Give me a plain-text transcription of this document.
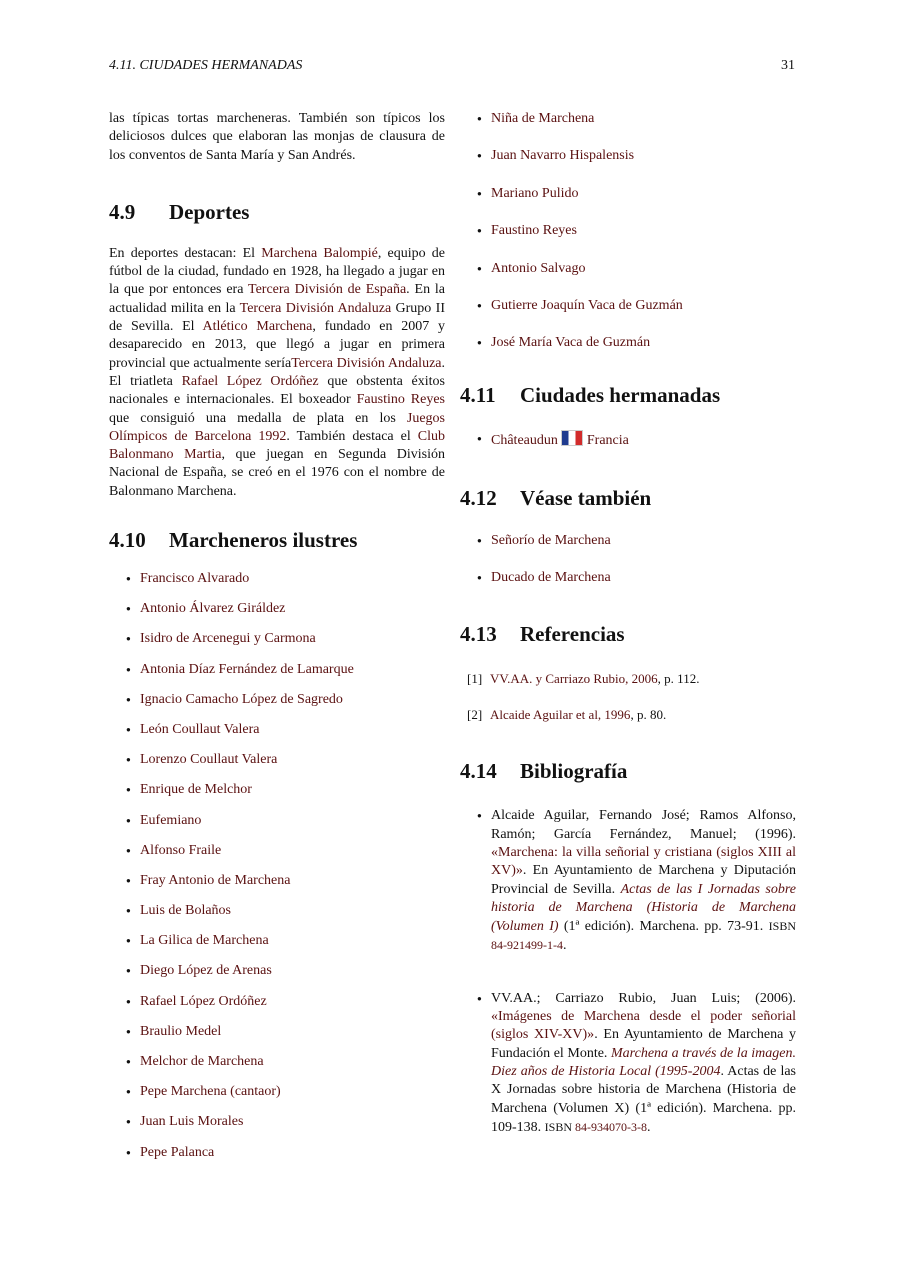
4.11. CIUDADES HERMANADAS	31

las típicas tortas marcheneras. También son típicos los deliciosos dulces que elaboran las monjas de clausura de los conventos de Santa María y San Andrés.

4.9 Deportes

En deportes destacan: El Marchena Balompié, equipo de fútbol de la ciudad, fundado en 1928, ha llegado a jugar en la que por entonces era Tercera División de España. En la actualidad milita en la Tercera División Andaluza Grupo II de Sevilla. El Atlético Marchena, fundado en 2007 y desaparecido en 2013, que llegó a jugar en primera provincial que actualmente seríaTercera División Andaluza. El triatleta Rafael López Ordóñez que obstenta éxitos nacionales e internacionales. El boxeador Faustino Reyes que consiguió una medalla de plata en los Juegos Olímpicos de Barcelona 1992. También destaca el Club Balonmano Martia, que juegan en Segunda División Nacional de España, se creó en el 1976 con el nombre de Balonmano Marchena.

4.10 Marcheneros ilustres
● Francisco Alvarado
● Antonio Álvarez Giráldez
● Isidro de Arcenegui y Carmona
● Antonia Díaz Fernández de Lamarque
● Ignacio Camacho López de Sagredo
● León Coullaut Valera
● Lorenzo Coullaut Valera
● Enrique de Melchor
● Eufemiano
● Alfonso Fraile
● Fray Antonio de Marchena
● Luis de Bolaños
● La Gilica de Marchena
● Diego López de Arenas
● Rafael López Ordóñez
● Braulio Medel
● Melchor de Marchena
● Pepe Marchena (cantaor)
● Juan Luis Morales
● Pepe Palanca
● Niña de Marchena
● Juan Navarro Hispalensis
● Mariano Pulido
● Faustino Reyes
● Antonio Salvago
● Gutierre Joaquín Vaca de Guzmán
● José María Vaca de Guzmán
4.11 Ciudades hermanadas
● Châteaudun Francia
4.12 Véase también
● Señorío de Marchena
● Ducado de Marchena
4.13 Referencias
[1] VV.AA. y Carriazo Rubio, 2006, p. 112.
[2] Alcaide Aguilar et al, 1996, p. 80.
4.14 Bibliografía

● Alcaide Aguilar, Fernando José; Ramos Alfonso, Ramón; García Fernández, Manuel; (1996). «Marchena: la villa señorial y cristiana (siglos XIII al XV)». En Ayuntamiento de Marchena y Diputación Provincial de Sevilla. Actas de las I Jornadas sobre historia de Marchena (Historia de Marchena (Volumen I) (1ª edición). Marchena. pp. 73-91. ISBN 84-921499-1-4.

● VV.AA.; Carriazo Rubio, Juan Luis; (2006). «Imágenes de Marchena desde el poder señorial (siglos XIV-XV)». En Ayuntamiento de Marchena y Fundación el Monte. Marchena a través de la imagen. Diez años de Historia Local (1995-2004. Actas de las X Jornadas sobre historia de Marchena (Historia de Marchena (Volumen X) (1ª edición). Marchena. pp. 109-138. ISBN 84-934070-3-8.
